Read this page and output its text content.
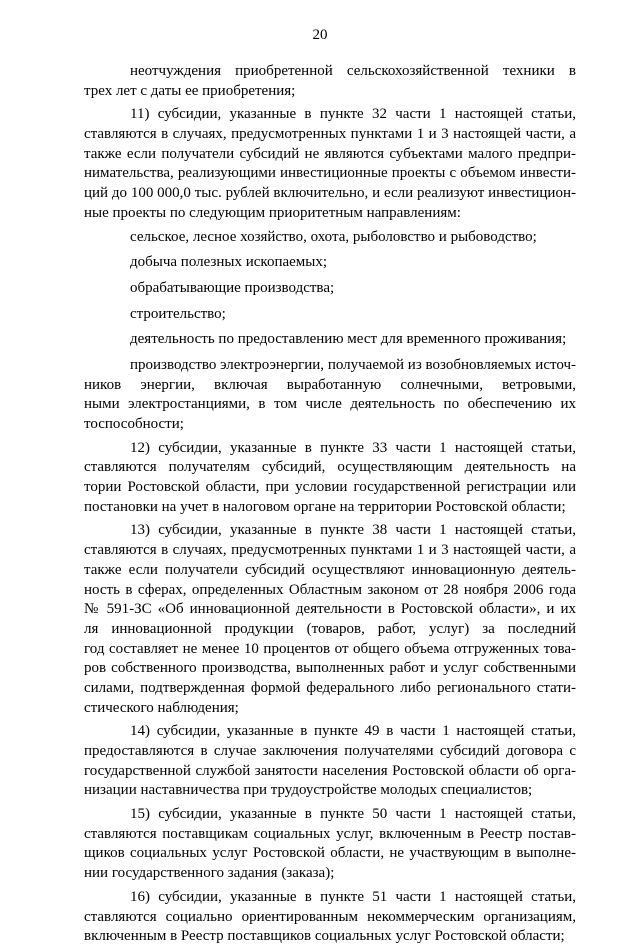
20
неотчуждения приобретенной сельскохозяйственной техники в
трех лет с даты ее приобретения;
11) субсидии, указанные в пункте 32 части 1 настоящей статьи,
ставляются в случаях, предусмотренных пунктами 1 и 3 настоящей части, а
также если получатели субсидий не являются субъектами малого предпри-
нимательства, реализующими инвестиционные проекты с объемом инвести-
ций до 100 000,0 тыс. рублей включительно, и если реализуют инвестицион-
ные проекты по следующим приоритетным направлениям:
сельское, лесное хозяйство, охота, рыболовство и рыбоводство;
добыча полезных ископаемых;
обрабатывающие производства;
строительство;
деятельность по предоставлению мест для временного проживания;
производство электроэнергии, получаемой из возобновляемых источ-
ников энергии, включая выработанную солнечными, ветровыми,
ными электростанциями, в том числе деятельность по обеспечению их
тоспособности;
12) субсидии, указанные в пункте 33 части 1 настоящей статьи,
ставляются получателям субсидий, осуществляющим деятельность на
тории Ростовской области, при условии государственной регистрации или
постановки на учет в налоговом органе на территории Ростовской области;
13) субсидии, указанные в пункте 38 части 1 настоящей статьи,
ставляются в случаях, предусмотренных пунктами 1 и 3 настоящей части, а
также если получатели субсидий осуществляют инновационную деятель-
ность в сферах, определенных Областным законом от 28 ноября 2006 года
№ 591-ЗС «Об инновационной деятельности в Ростовской области», и их
ля инновационной продукции (товаров, работ, услуг) за последний
год составляет не менее 10 процентов от общего объема отгруженных това-
ров собственного производства, выполненных работ и услуг собственными
силами, подтвержденная формой федерального либо регионального стати-
стического наблюдения;
14) субсидии, указанные в пункте 49 в части 1 настоящей статьи,
предоставляются в случае заключения получателями субсидий договора с
государственной службой занятости населения Ростовской области об орга-
низации наставничества при трудоустройстве молодых специалистов;
15) субсидии, указанные в пункте 50 части 1 настоящей статьи,
ставляются поставщикам социальных услуг, включенным в Реестр постав-
щиков социальных услуг Ростовской области, не участвующим в выполне-
нии государственного задания (заказа);
16) субсидии, указанные в пункте 51 части 1 настоящей статьи,
ставляются социально ориентированным некоммерческим организациям,
включенным в Реестр поставщиков социальных услуг Ростовской области;
